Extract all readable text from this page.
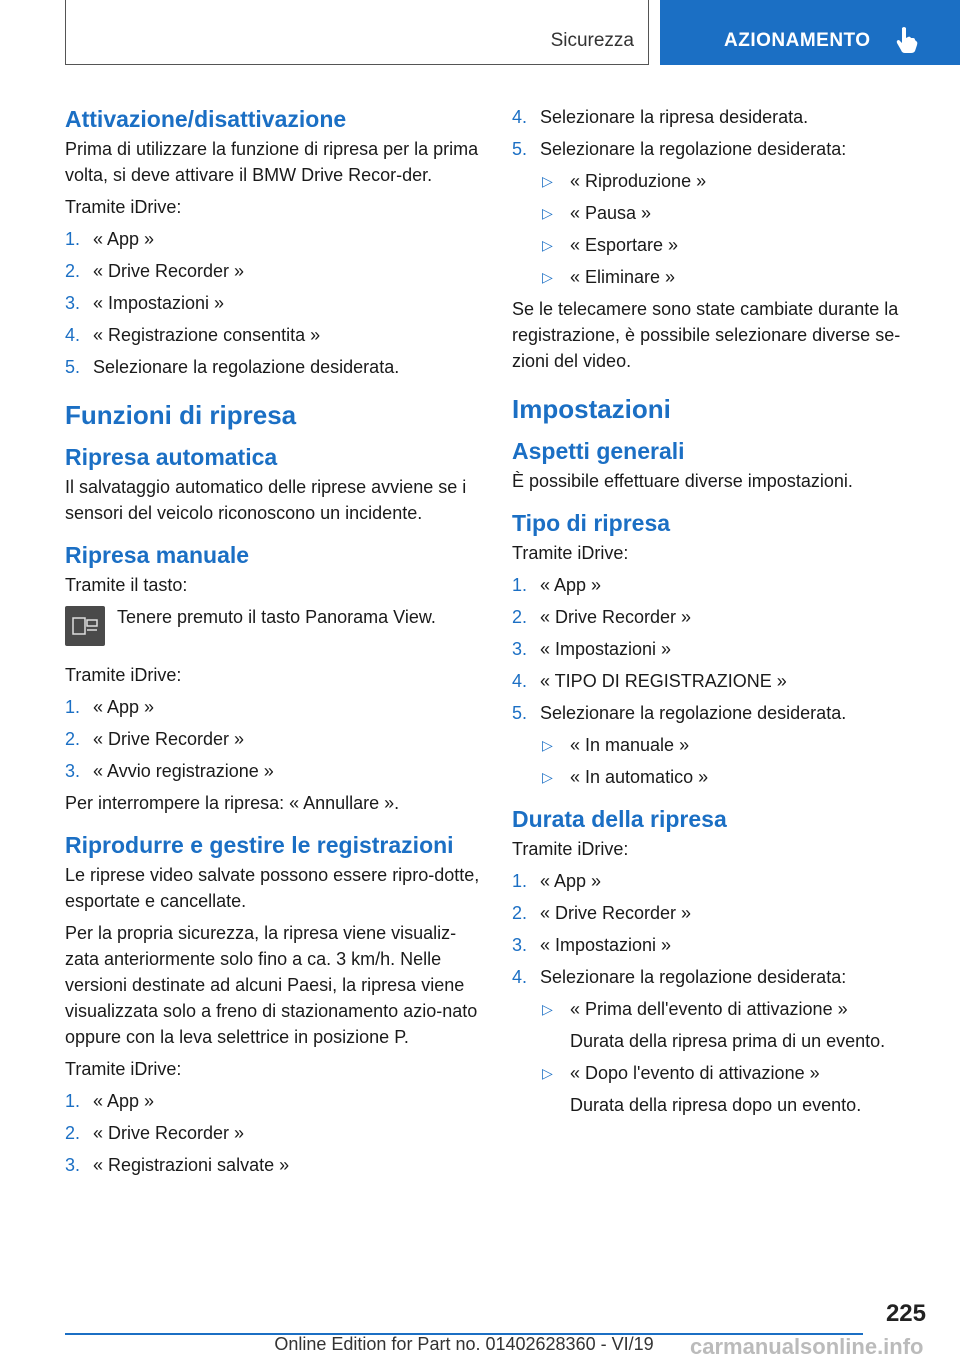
Sicurezza	AZIONAMENTO
Attivazione/disattivazione
Prima di utilizzare la funzione di ripresa per la prima volta, si deve attivare il BMW Drive Recor-der.
Tramite iDrive:
1. « App »
2. « Drive Recorder »
3. « Impostazioni »
4. « Registrazione consentita »
5. Selezionare la regolazione desiderata.
Funzioni di ripresa
Ripresa automatica
Il salvataggio automatico delle riprese avviene se i sensori del veicolo riconoscono un incidente.
Ripresa manuale
Tramite il tasto:
Tenere premuto il tasto Panorama View.
Tramite iDrive:
1. « App »
2. « Drive Recorder »
3. « Avvio registrazione »
Per interrompere la ripresa: « Annullare ».
Riprodurre e gestire le registrazioni
Le riprese video salvate possono essere ripro-dotte, esportate e cancellate.
Per la propria sicurezza, la ripresa viene visualiz-zata anteriormente solo fino a ca. 3 km/h. Nelle versioni destinate ad alcuni Paesi, la ripresa viene visualizzata solo a freno di stazionamento azio-nato oppure con la leva selettrice in posizione P.
Tramite iDrive:
1. « App »
2. « Drive Recorder »
3. « Registrazioni salvate »
4. Selezionare la ripresa desiderata.
5. Selezionare la regolazione desiderata:
▷ « Riproduzione »
▷ « Pausa »
▷ « Esportare »
▷ « Eliminare »
Se le telecamere sono state cambiate durante la registrazione, è possibile selezionare diverse se-zioni del video.
Impostazioni
Aspetti generali
È possibile effettuare diverse impostazioni.
Tipo di ripresa
Tramite iDrive:
1. « App »
2. « Drive Recorder »
3. « Impostazioni »
4. « TIPO DI REGISTRAZIONE »
5. Selezionare la regolazione desiderata.
▷ « In manuale »
▷ « In automatico »
Durata della ripresa
Tramite iDrive:
1. « App »
2. « Drive Recorder »
3. « Impostazioni »
4. Selezionare la regolazione desiderata:
▷ « Prima dell'evento di attivazione »
Durata della ripresa prima di un evento.
▷ « Dopo l'evento di attivazione »
Durata della ripresa dopo un evento.
225
Online Edition for Part no. 01402628360 - VI/19	carmanualsonline.info
